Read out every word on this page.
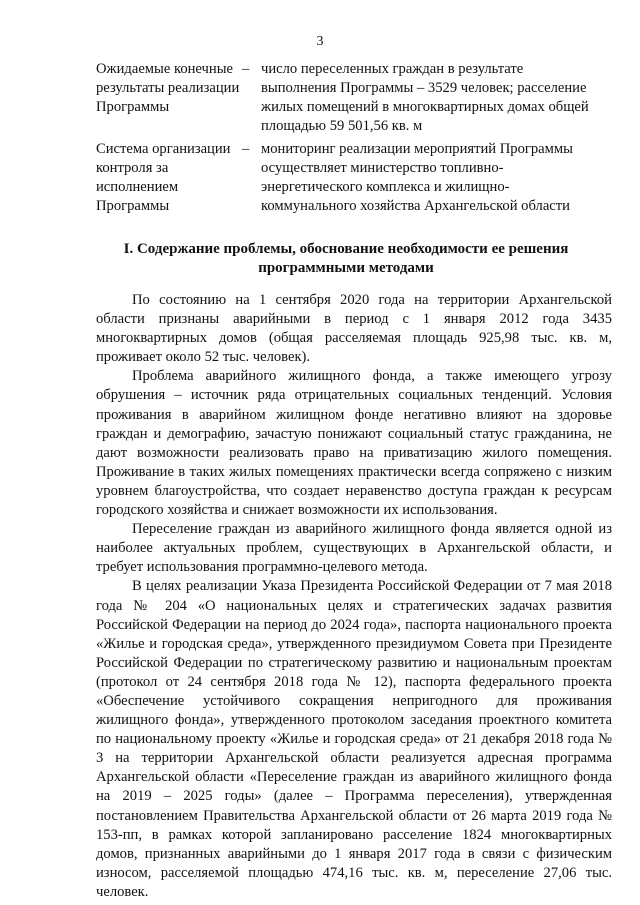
3
Ожидаемые конечные результаты реализации Программы
– число переселенных граждан в результате выполнения Программы – 3529 человек; расселение жилых помещений в многоквартирных домах общей площадью 59 501,56 кв. м
Система организации контроля за исполнением Программы
– мониторинг реализации мероприятий Программы осуществляет министерство топливно-энергетического комплекса и жилищно-коммунального хозяйства Архангельской области
I. Содержание проблемы, обоснование необходимости ее решения программными методами

По состоянию на 1 сентября 2020 года на территории Архангельской области признаны аварийными в период с 1 января 2012 года 3435 многоквартирных домов (общая расселяемая площадь 925,98 тыс. кв. м, проживает около 52 тыс. человек).

Проблема аварийного жилищного фонда, а также имеющего угрозу обрушения – источник ряда отрицательных социальных тенденций. Условия проживания в аварийном жилищном фонде негативно влияют на здоровье граждан и демографию, зачастую понижают социальный статус гражданина, не дают возможности реализовать право на приватизацию жилого помещения. Проживание в таких жилых помещениях практически всегда сопряжено с низким уровнем благоустройства, что создает неравенство доступа граждан к ресурсам городского хозяйства и снижает возможности их использования.

Переселение граждан из аварийного жилищного фонда является одной из наиболее актуальных проблем, существующих в Архангельской области, и требует использования программно-целевого метода.

В целях реализации Указа Президента Российской Федерации от 7 мая 2018 года № 204 «О национальных целях и стратегических задачах развития Российской Федерации на период до 2024 года», паспорта национального проекта «Жилье и городская среда», утвержденного президиумом Совета при Президенте Российской Федерации по стратегическому развитию и национальным проектам (протокол от 24 сентября 2018 года № 12), паспорта федерального проекта «Обеспечение устойчивого сокращения непригодного для проживания жилищного фонда», утвержденного протоколом заседания проектного комитета по национальному проекту «Жилье и городская среда» от 21 декабря 2018 года № 3 на территории Архангельской области реализуется адресная программа Архангельской области «Переселение граждан из аварийного жилищного фонда на 2019 – 2025 годы» (далее – Программа переселения), утвержденная постановлением Правительства Архангельской области от 26 марта 2019 года № 153-пп, в рамках которой запланировано расселение 1824 многоквартирных домов, признанных аварийными до 1 января 2017 года в связи с физическим износом, расселяемой площадью 474,16 тыс. кв. м, переселение 27,06 тыс. человек.
